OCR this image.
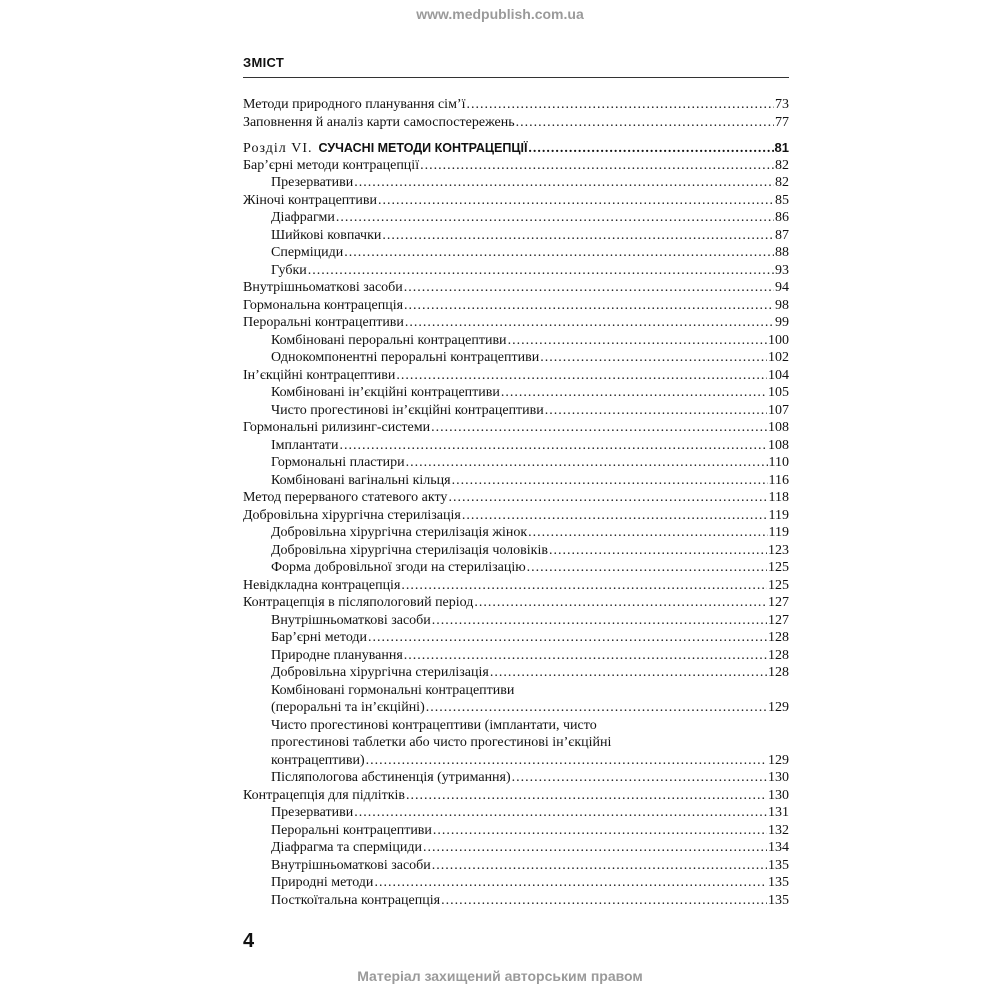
www.medpublish.com.ua
ЗМІСТ
Методи природного планування сім’ї .....	73
Заповнення й аналіз карти самоспостережень .....	77
Розділ VI. СУЧАСНІ МЕТОДИ КОНТРАЦЕПЦІЇ .....	81
Бар’єрні методи контрацепції .....	82
Презервативи .....	82
Жіночі контрацептиви .....	85
Діафрагми .....	86
Шийкові ковпачки .....	87
Сперміциди .....	88
Губки .....	93
Внутрішньоматкові засоби .....	94
Гормональна контрацепція .....	98
Пероральні контрацептиви .....	99
Комбіновані пероральні контрацептиви .....	100
Однокомпонентні пероральні контрацептиви .....	102
Ін’єкційні контрацептиви .....	104
Комбіновані ін’єкційні контрацептиви .....	105
Чисто прогестинові ін’єкційні контрацептиви .....	107
Гормональні рилизинг-системи .....	108
Імплантати .....	108
Гормональні пластири .....	110
Комбіновані вагінальні кільця .....	116
Метод перерваного статевого акту .....	118
Добровільна хірургічна стерилізація .....	119
Добровільна хірургічна стерилізація жінок .....	119
Добровільна хірургічна стерилізація чоловіків .....	123
Форма добровільної згоди на стерилізацію .....	125
Невідкладна контрацепція .....	125
Контрацепція в післяпологовий період .....	127
Внутрішньоматкові засоби .....	127
Бар’єрні методи .....	128
Природне планування .....	128
Добровільна хірургічна стерилізація .....	128
Комбіновані гормональні контрацептиви
(пероральні та ін’єкційні) .....	129
Чисто прогестинові контрацептиви (імплантати, чисто
прогестинові таблетки або чисто прогестинові ін’єкційні
контрацептиви) .....	129
Післяпологова абстиненція (утримання) .....	130
Контрацепція для підлітків .....	130
Презервативи .....	131
Пероральні контрацептиви .....	132
Діафрагма та сперміциди .....	134
Внутрішньоматкові засоби .....	135
Природні методи .....	135
Посткоїтальна контрацепція .....	135
4
Матеріал захищений авторським правом
